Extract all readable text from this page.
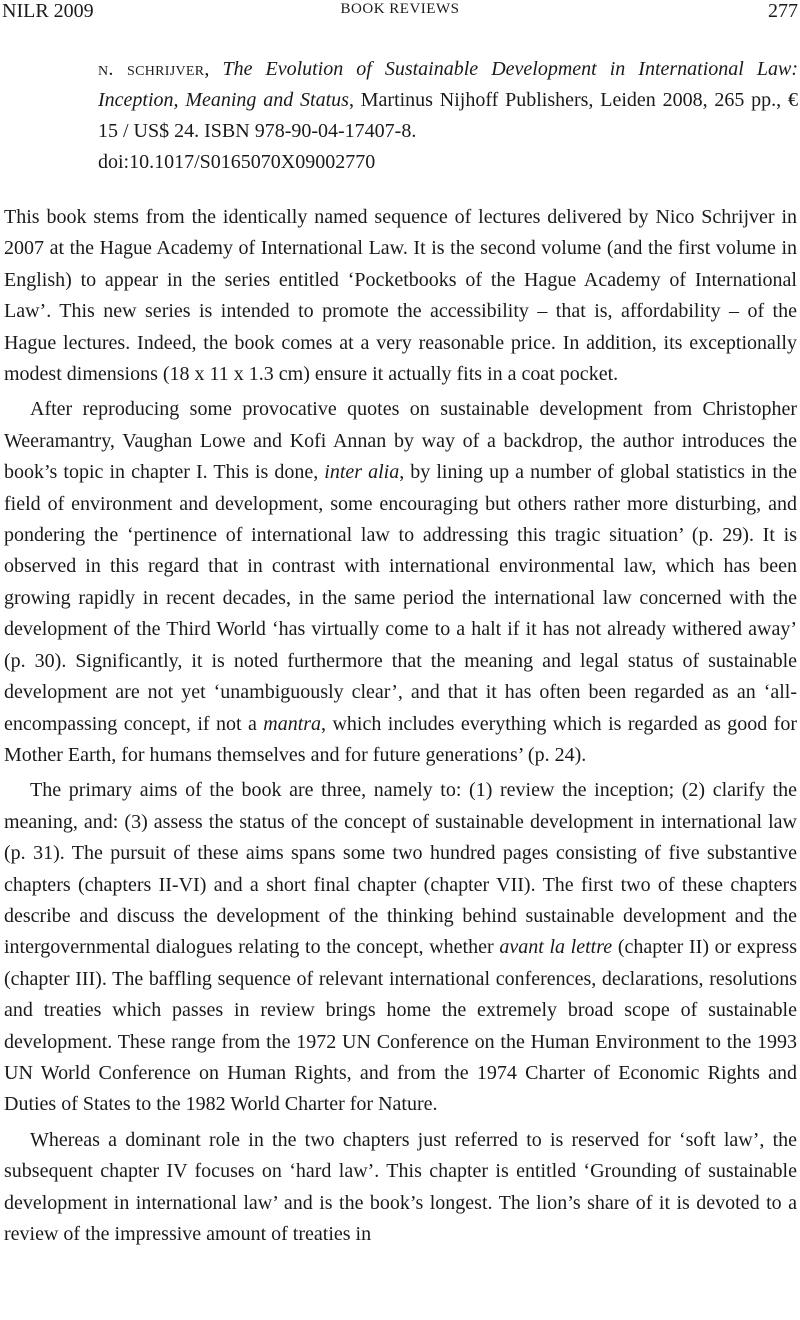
NILR 2009	BOOK REVIEWS	277
n. schrijver, The Evolution of Sustainable Development in International Law: Inception, Meaning and Status, Martinus Nijhoff Publishers, Leiden 2008, 265 pp., € 15 / US$ 24. ISBN 978-90-04-17407-8.
doi:10.1017/S0165070X09002770

This book stems from the identically named sequence of lectures delivered by Nico Schrijver in 2007 at the Hague Academy of International Law. It is the second volume (and the first volume in English) to appear in the series entitled ‘Pocketbooks of the Hague Academy of International Law’. This new series is intended to promote the accessibility – that is, affordability – of the Hague lectures. Indeed, the book comes at a very reasonable price. In addition, its exceptionally modest dimensions (18 x 11 x 1.3 cm) ensure it actually fits in a coat pocket.

After reproducing some provocative quotes on sustainable development from Christopher Weeramantry, Vaughan Lowe and Kofi Annan by way of a backdrop, the author introduces the book’s topic in chapter I. This is done, inter alia, by lining up a number of global statistics in the field of environment and development, some encouraging but others rather more disturbing, and pondering the ‘pertinence of international law to addressing this tragic situation’ (p. 29). It is observed in this regard that in contrast with international environmental law, which has been growing rapidly in recent decades, in the same period the international law concerned with the development of the Third World ‘has virtually come to a halt if it has not already withered away’ (p. 30). Significantly, it is noted furthermore that the meaning and legal status of sustainable development are not yet ‘unambiguously clear’, and that it has often been regarded as an ‘all-encompassing concept, if not a mantra, which includes everything which is regarded as good for Mother Earth, for humans themselves and for future generations’ (p. 24).

The primary aims of the book are three, namely to: (1) review the inception; (2) clarify the meaning, and: (3) assess the status of the concept of sustainable development in international law (p. 31). The pursuit of these aims spans some two hundred pages consisting of five substantive chapters (chapters II-VI) and a short final chapter (chapter VII). The first two of these chapters describe and discuss the development of the thinking behind sustainable development and the intergovernmental dialogues relating to the concept, whether avant la lettre (chapter II) or express (chapter III). The baffling sequence of relevant international conferences, declarations, resolutions and treaties which passes in review brings home the extremely broad scope of sustainable development. These range from the 1972 UN Conference on the Human Environment to the 1993 UN World Conference on Human Rights, and from the 1974 Charter of Economic Rights and Duties of States to the 1982 World Charter for Nature.

Whereas a dominant role in the two chapters just referred to is reserved for ‘soft law’, the subsequent chapter IV focuses on ‘hard law’. This chapter is entitled ‘Grounding of sustainable development in international law’ and is the book’s longest. The lion’s share of it is devoted to a review of the impressive amount of treaties in
